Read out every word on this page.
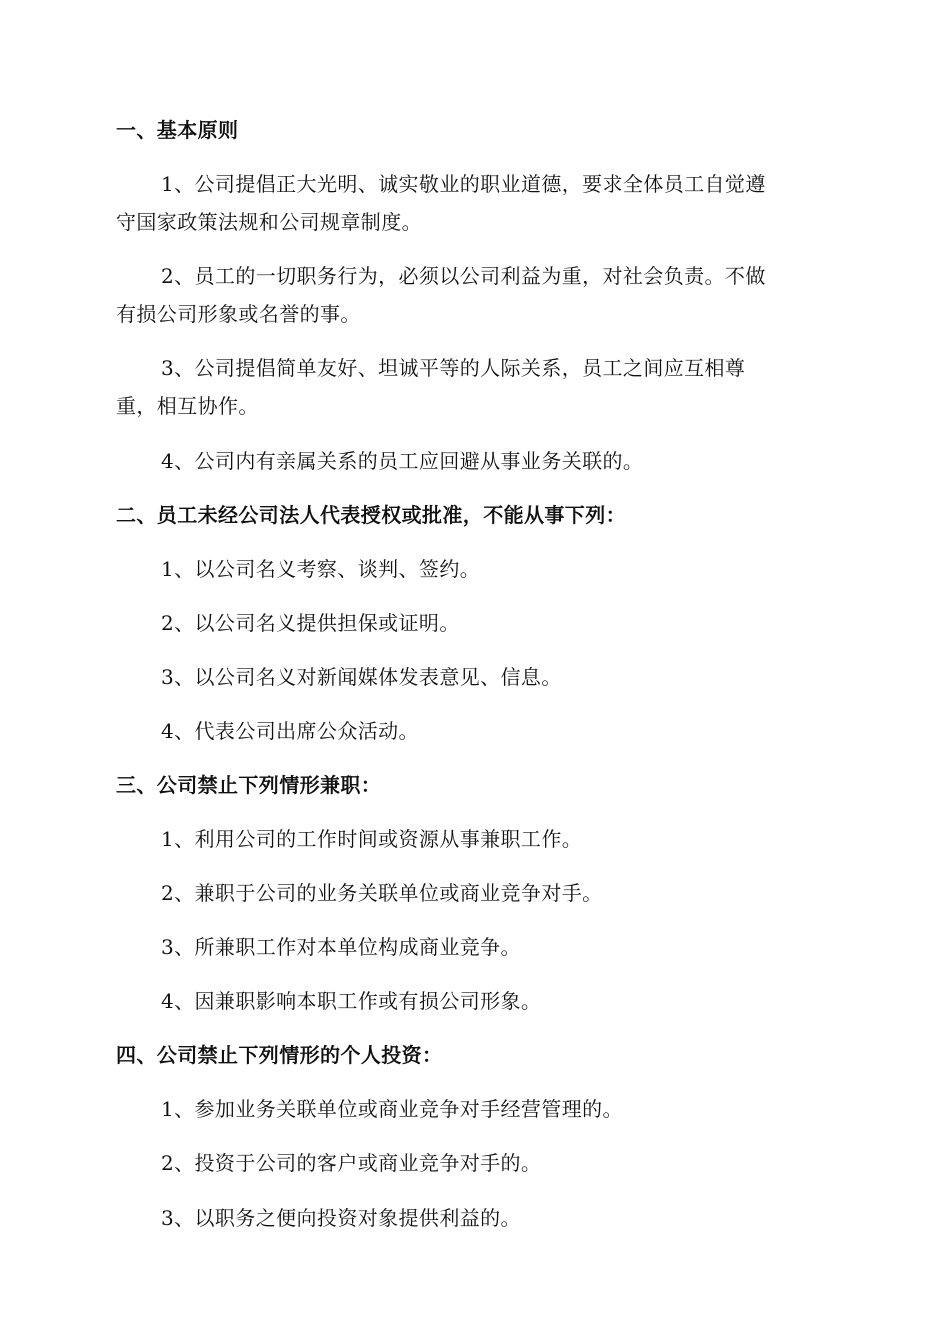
一、基本原则
1、公司提倡正大光明、诚实敬业的职业道德，要求全体员工自觉遵
守国家政策法规和公司规章制度。
2、员工的一切职务行为，必须以公司利益为重，对社会负责。不做
有损公司形象或名誉的事。
3、公司提倡简单友好、坦诚平等的人际关系，员工之间应互相尊
重，相互协作。
4、公司内有亲属关系的员工应回避从事业务关联的。
二、员工未经公司法人代表授权或批准，不能从事下列：
1、以公司名义考察、谈判、签约。
2、以公司名义提供担保或证明。
3、以公司名义对新闻媒体发表意见、信息。
4、代表公司出席公众活动。
三、公司禁止下列情形兼职：
1、利用公司的工作时间或资源从事兼职工作。
2、兼职于公司的业务关联单位或商业竞争对手。
3、所兼职工作对本单位构成商业竞争。
4、因兼职影响本职工作或有损公司形象。
四、公司禁止下列情形的个人投资：
1、参加业务关联单位或商业竞争对手经营管理的。
2、投资于公司的客户或商业竞争对手的。
3、以职务之便向投资对象提供利益的。
